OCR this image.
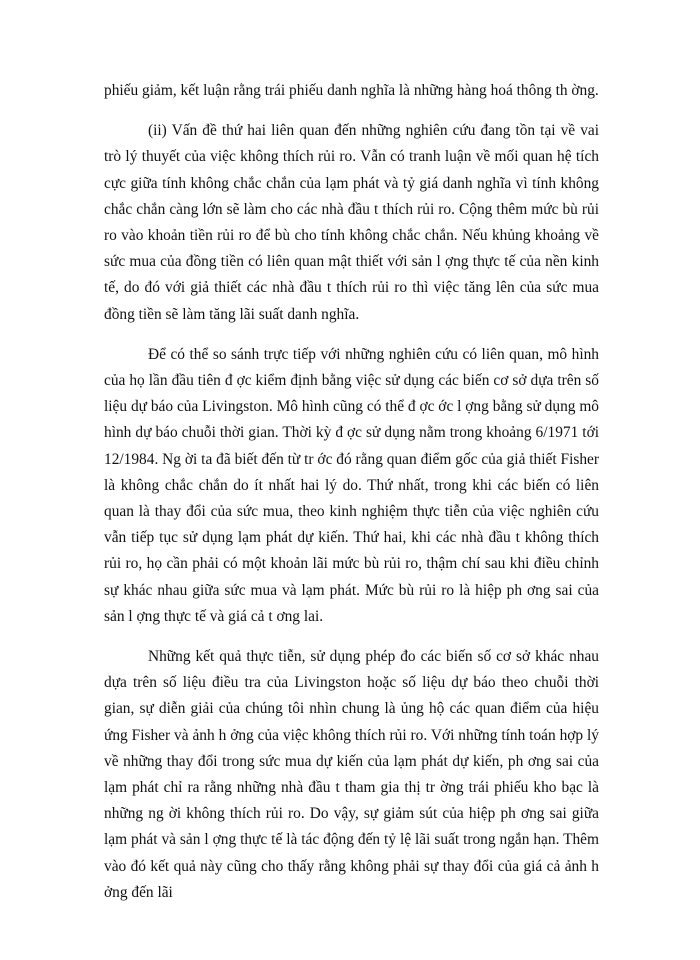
phiếu giảm, kết luận rằng trái phiếu danh nghĩa là những hàng hoá thông th ờng.

(ii) Vấn đề thứ hai liên quan đến những nghiên cứu đang tồn tại về vai trò lý thuyết của việc không thích rủi ro. Vẫn có tranh luận về mối quan hệ tích cực giữa tính không chắc chắn của lạm phát và tỷ giá danh nghĩa vì tính không chắc chắn càng lớn sẽ làm cho các nhà đầu t thích rủi ro. Cộng thêm mức bù rủi ro vào khoản tiền rủi ro để bù cho tính không chắc chắn. Nếu khủng khoảng về sức mua của đồng tiền có liên quan mật thiết với sản l ợng thực tế của nền kinh tế, do đó với giả thiết các nhà đầu t thích rủi ro thì việc tăng lên của sức mua đồng tiền sẽ làm tăng lãi suất danh nghĩa.

Để có thể so sánh trực tiếp với những nghiên cứu có liên quan, mô hình của họ lần đầu tiên đ ợc kiểm định bằng việc sử dụng các biến cơ sở dựa trên số liệu dự báo của Livingston. Mô hình cũng có thể đ ợc ớc l ợng bằng sử dụng mô hình dự báo chuỗi thời gian. Thời kỳ đ ợc sử dụng nằm trong khoảng 6/1971 tới 12/1984. Ng ời ta đã biết đến từ tr ớc đó rằng quan điểm gốc của giả thiết Fisher là không chắc chắn do ít nhất hai lý do. Thứ nhất, trong khi các biến có liên quan là thay đổi của sức mua, theo kinh nghiệm thực tiễn của việc nghiên cứu vẫn tiếp tục sử dụng lạm phát dự kiến. Thứ hai, khi các nhà đầu t không thích rủi ro, họ cần phải có một khoản lãi mức bù rủi ro, thậm chí sau khi điều chỉnh sự khác nhau giữa sức mua và lạm phát. Mức bù rủi ro là hiệp ph ơng sai của sản l ợng thực tế và giá cả t ơng lai.

Những kết quả thực tiễn, sử dụng phép đo các biến số cơ sở khác nhau dựa trên số liệu điều tra của Livingston hoặc số liệu dự báo theo chuỗi thời gian, sự diễn giải của chúng tôi nhìn chung là ủng hộ các quan điểm của hiệu ứng Fisher và ảnh h ởng của việc không thích rủi ro. Với những tính toán hợp lý về những thay đổi trong sức mua dự kiến của lạm phát dự kiến, ph ơng sai của lạm phát chỉ ra rằng những nhà đầu t tham gia thị tr ờng trái phiếu kho bạc là những ng ời không thích rủi ro. Do vậy, sự giảm sút của hiệp ph ơng sai giữa lạm phát và sản l ợng thực tế là tác động đến tỷ lệ lãi suất trong ngắn hạn. Thêm vào đó kết quả này cũng cho thấy rằng không phải sự thay đổi của giá cả ảnh h ởng đến lãi
